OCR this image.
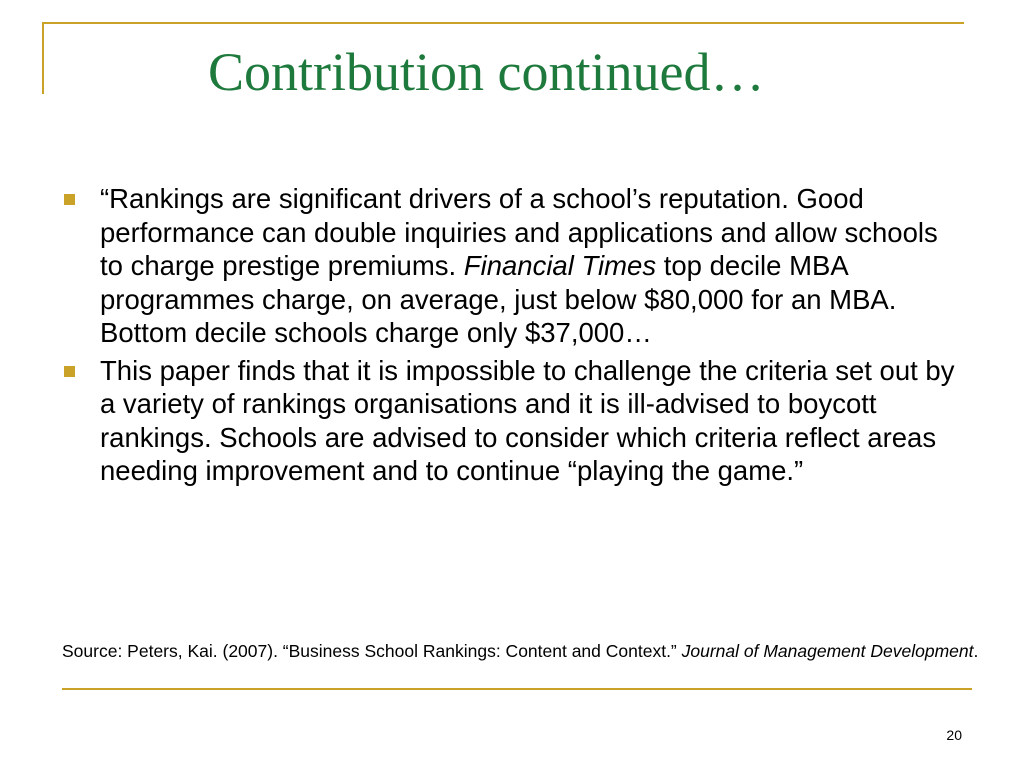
Contribution continued…
“Rankings are significant drivers of a school’s reputation. Good performance can double inquiries and applications and allow schools to charge prestige premiums. Financial Times top decile MBA programmes charge, on average, just below $80,000 for an MBA. Bottom decile schools charge only $37,000…
This paper finds that it is impossible to challenge the criteria set out by a variety of rankings organisations and it is ill-advised to boycott rankings. Schools are advised to consider which criteria reflect areas needing improvement and to continue “playing the game.”

Source: Peters, Kai. (2007). “Business School Rankings: Content and Context.” Journal of Management Development.

20
